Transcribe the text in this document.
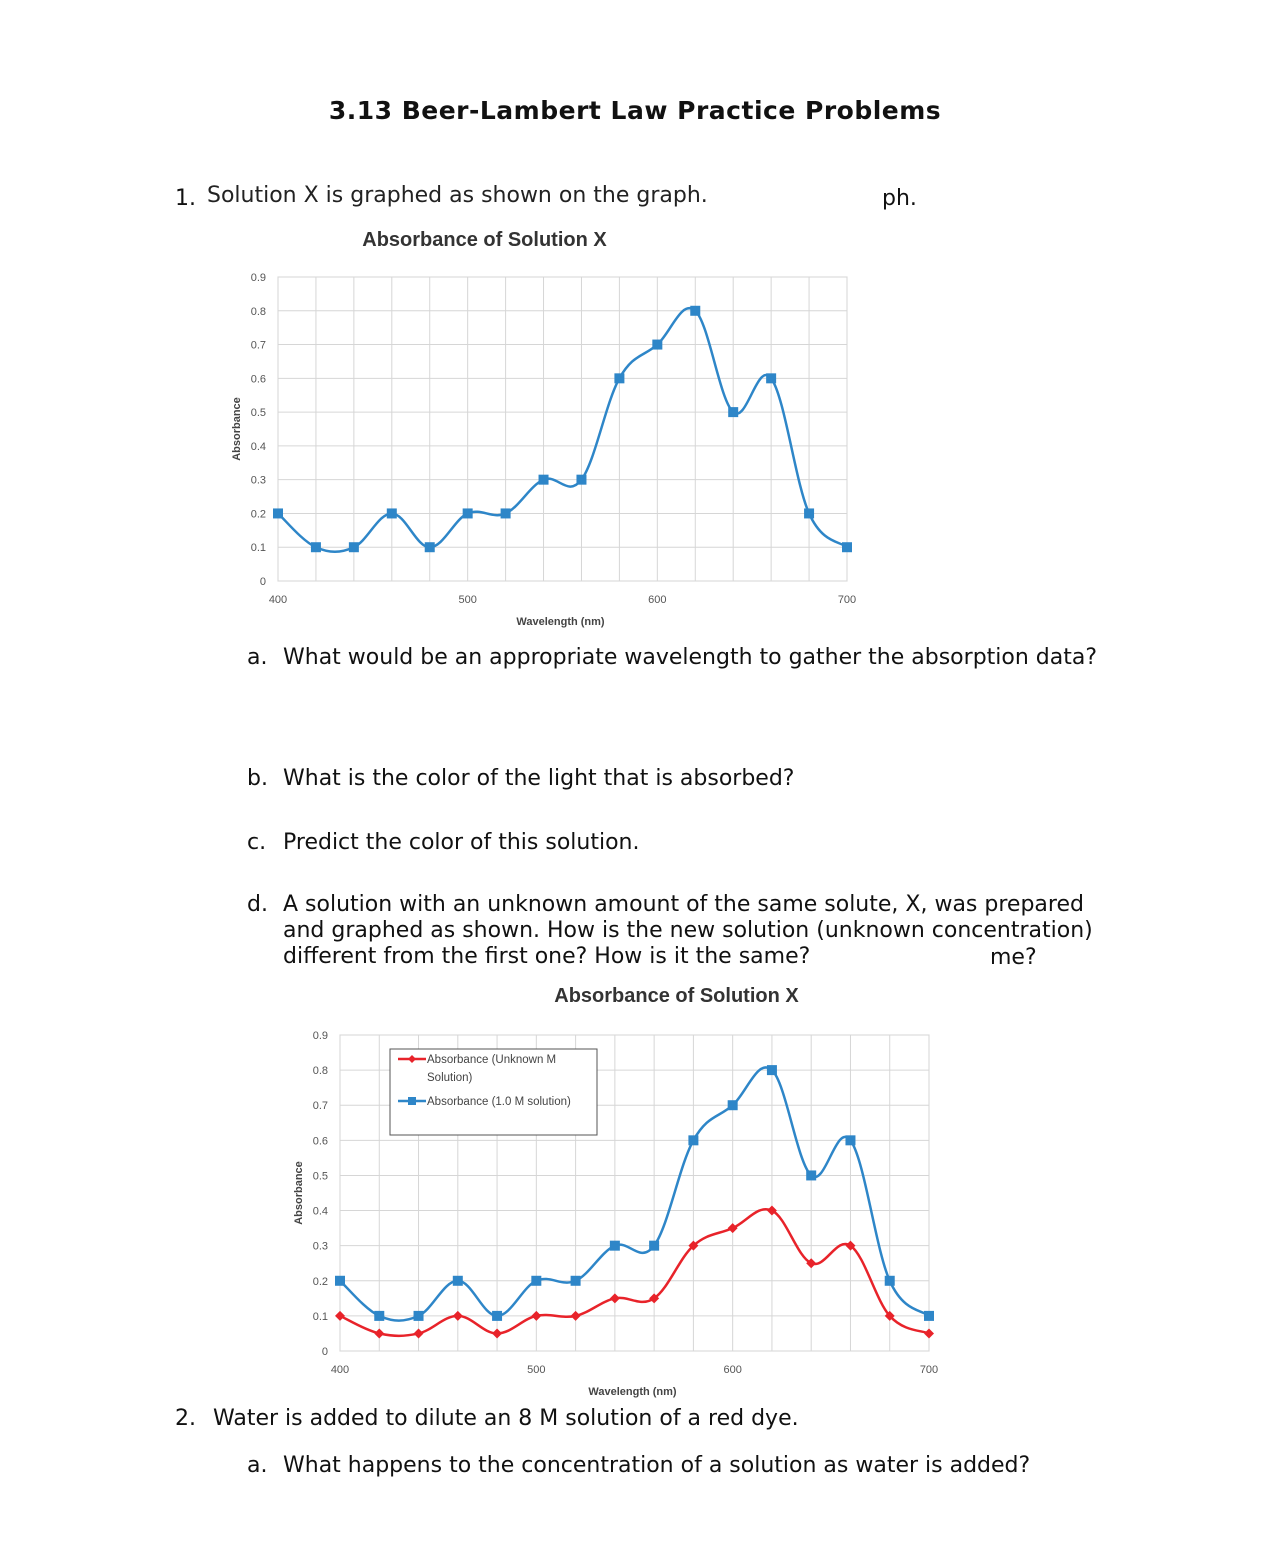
3.13 Beer-Lambert Law Practice Problems
1. Solution X is graphed as shown on the graph.	ph.
Absorbance of Solution X
0
0.1
0.2
0.3
0.4
0.5
0.6
0.7
0.8
0.9
400	500	600	700
Wavelength (nm)
Absorbance
a. What would be an appropriate wavelength to gather the absorption data?
b. What is the color of the light that is absorbed?
c. Predict the color of this solution.
d. A solution with an unknown amount of the same solute, X, was prepared and graphed as shown. How is the new solution (unknown concentration) different from the first one? How is it the same?	me?
Absorbance of Solution X
0
0.1
0.2
0.3
0.4
0.5
0.6
0.7
0.8
0.9
400	500	600	700
Wavelength (nm)
Absorbance
Absorbance (Unknown M Solution)
Absorbance (1.0 M solution)
2. Water is added to dilute an 8 M solution of a red dye.
a. What happens to the concentration of a solution as water is added?
